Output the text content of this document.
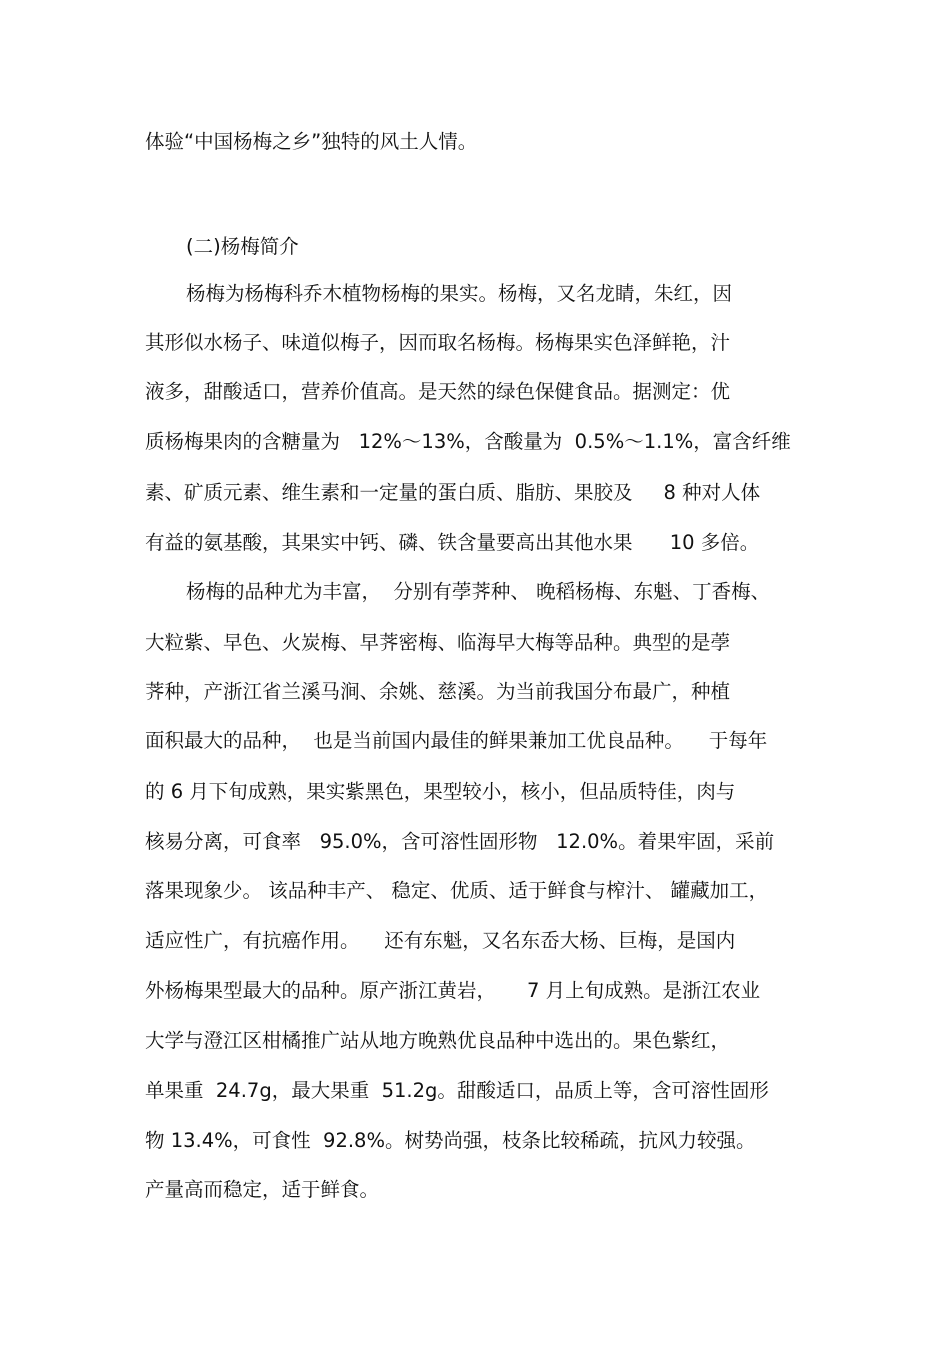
体验“中国杨梅之乡”独特的风土人情。
(二)杨梅简介
杨梅为杨梅科乔木植物杨梅的果实。杨梅，又名龙睛，朱红，因
其形似水杨子、味道似梅子，因而取名杨梅。杨梅果实色泽鲜艳，汁
液多，甜酸适口，营养价值高。是天然的绿色保健食品。据测定：优
质杨梅果肉的含糖量为   12%～13%，含酸量为  0.5%～1.1%，富含纤维
素、矿质元素、维生素和一定量的蛋白质、脂肪、果胶及     8 种对人体
有益的氨基酸，其果实中钙、磷、铁含量要高出其他水果      10 多倍。
杨梅的品种尤为丰富，  分别有荸荠种、 晚稻杨梅、东魁、丁香梅、
大粒紫、早色、火炭梅、早荠密梅、临海早大梅等品种。典型的是荸
荠种，产浙江省兰溪马涧、余姚、慈溪。为当前我国分布最广，种植
面积最大的品种，  也是当前国内最佳的鲜果兼加工优良品种。    于每年
的 6 月下旬成熟，果实紫黑色，果型较小，核小，但品质特佳，肉与
核易分离，可食率   95.0%，含可溶性固形物   12.0%。着果牢固，采前
落果现象少。 该品种丰产、 稳定、优质、适于鲜食与榨汁、 罐藏加工，
适应性广，有抗癌作用。    还有东魁，又名东岙大杨、巨梅，是国内
外杨梅果型最大的品种。原产浙江黄岩，     7 月上旬成熟。是浙江农业
大学与澄江区柑橘推广站从地方晚熟优良品种中选出的。果色紫红，
单果重  24.7g，最大果重  51.2g。甜酸适口，品质上等，含可溶性固形
物 13.4%，可食性  92.8%。树势尚强，枝条比较稀疏，抗风力较强。
产量高而稳定，适于鲜食。
